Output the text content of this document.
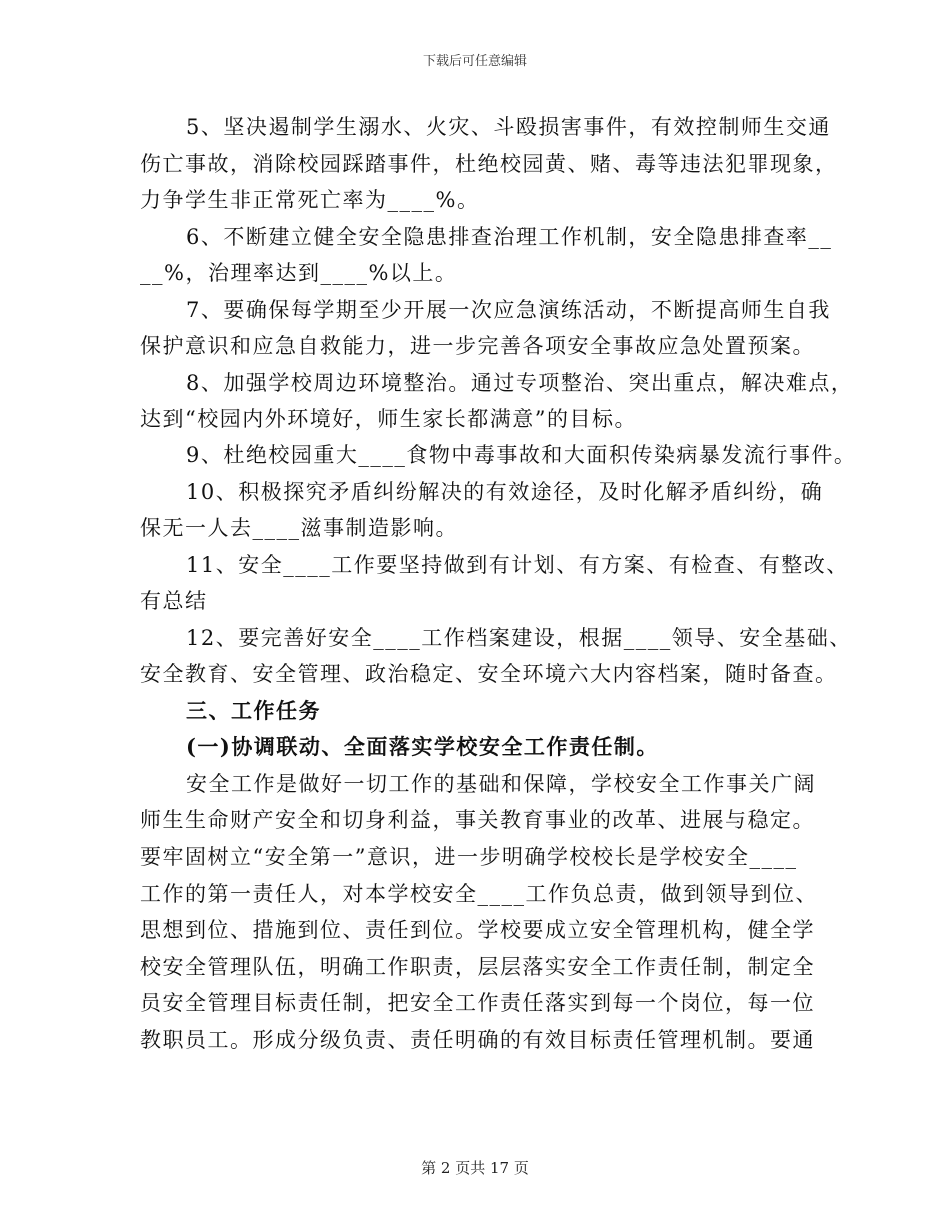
下载后可任意编辑
5、坚决遏制学生溺水、火灾、斗殴损害事件，有效控制师生交通
伤亡事故，消除校园踩踏事件，杜绝校园黄、赌、毒等违法犯罪现象，
力争学生非正常死亡率为____%。
6、不断建立健全安全隐患排查治理工作机制，安全隐患排查率__
__%，治理率达到____%以上。
7、要确保每学期至少开展一次应急演练活动，不断提高师生自我
保护意识和应急自救能力，进一步完善各项安全事故应急处置预案。
8、加强学校周边环境整治。通过专项整治、突出重点，解决难点，
达到“校园内外环境好，师生家长都满意”的目标。
9、杜绝校园重大____食物中毒事故和大面积传染病暴发流行事件。
10、积极探究矛盾纠纷解决的有效途径，及时化解矛盾纠纷，确
保无一人去____滋事制造影响。
11、安全____工作要坚持做到有计划、有方案、有检查、有整改、
有总结
12、要完善好安全____工作档案建设，根据____领导、安全基础、
安全教育、安全管理、政治稳定、安全环境六大内容档案，随时备查。
三、工作任务
(一)协调联动、全面落实学校安全工作责任制。
安全工作是做好一切工作的基础和保障，学校安全工作事关广阔
师生生命财产安全和切身利益，事关教育事业的改革、进展与稳定。
要牢固树立“安全第一”意识，进一步明确学校校长是学校安全____
工作的第一责任人，对本学校安全____工作负总责，做到领导到位、
思想到位、措施到位、责任到位。学校要成立安全管理机构，健全学
校安全管理队伍，明确工作职责，层层落实安全工作责任制，制定全
员安全管理目标责任制，把安全工作责任落实到每一个岗位，每一位
教职员工。形成分级负责、责任明确的有效目标责任管理机制。要通
第 2 页共 17 页
